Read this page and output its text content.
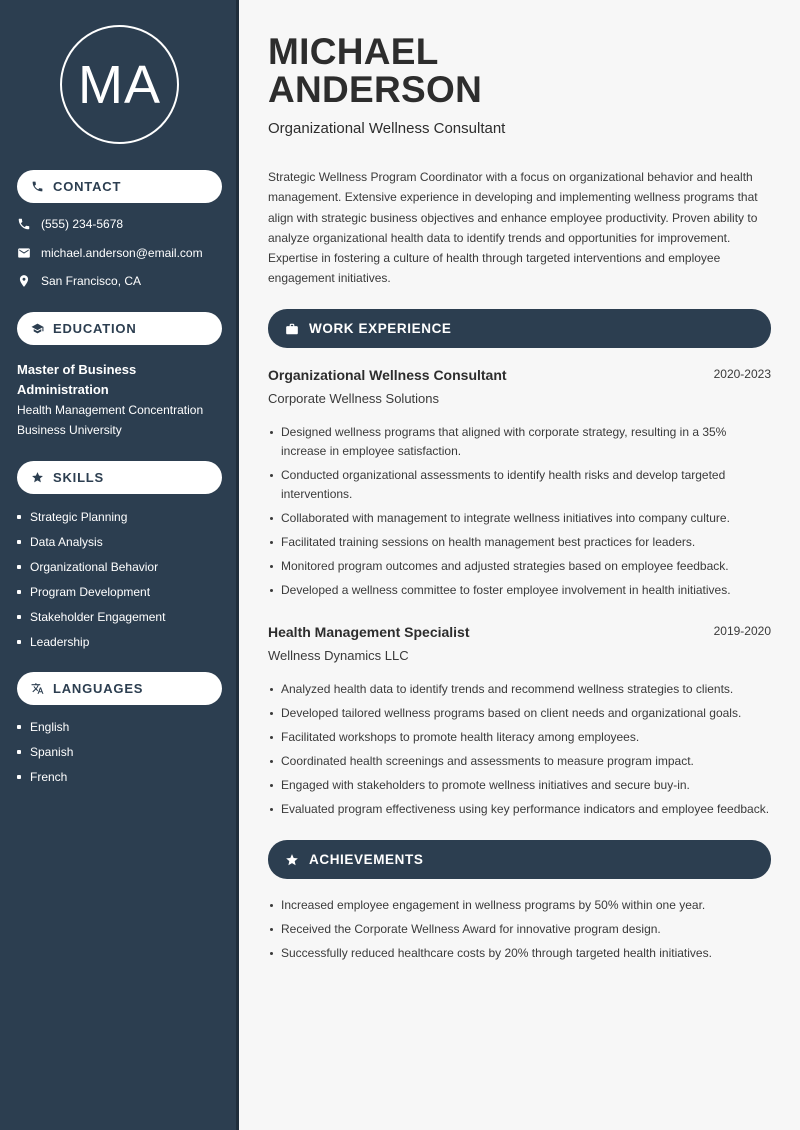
MA
CONTACT
(555) 234-5678
michael.anderson@email.com
San Francisco, CA
EDUCATION
Master of Business Administration
Health Management Concentration
Business University
SKILLS
Strategic Planning
Data Analysis
Organizational Behavior
Program Development
Stakeholder Engagement
Leadership
LANGUAGES
English
Spanish
French
MICHAEL
ANDERSON
Organizational Wellness Consultant

Strategic Wellness Program Coordinator with a focus on organizational behavior and health management. Extensive experience in developing and implementing wellness programs that align with strategic business objectives and enhance employee productivity. Proven ability to analyze organizational health data to identify trends and opportunities for improvement. Expertise in fostering a culture of health through targeted interventions and employee engagement initiatives.

WORK EXPERIENCE
Organizational Wellness Consultant	2020-2023
Corporate Wellness Solutions
Designed wellness programs that aligned with corporate strategy, resulting in a 35% increase in employee satisfaction.
Conducted organizational assessments to identify health risks and develop targeted interventions.
Collaborated with management to integrate wellness initiatives into company culture.
Facilitated training sessions on health management best practices for leaders.
Monitored program outcomes and adjusted strategies based on employee feedback.
Developed a wellness committee to foster employee involvement in health initiatives.
Health Management Specialist	2019-2020
Wellness Dynamics LLC
Analyzed health data to identify trends and recommend wellness strategies to clients.
Developed tailored wellness programs based on client needs and organizational goals.
Facilitated workshops to promote health literacy among employees.
Coordinated health screenings and assessments to measure program impact.
Engaged with stakeholders to promote wellness initiatives and secure buy-in.
Evaluated program effectiveness using key performance indicators and employee feedback.
ACHIEVEMENTS
Increased employee engagement in wellness programs by 50% within one year.
Received the Corporate Wellness Award for innovative program design.
Successfully reduced healthcare costs by 20% through targeted health initiatives.
